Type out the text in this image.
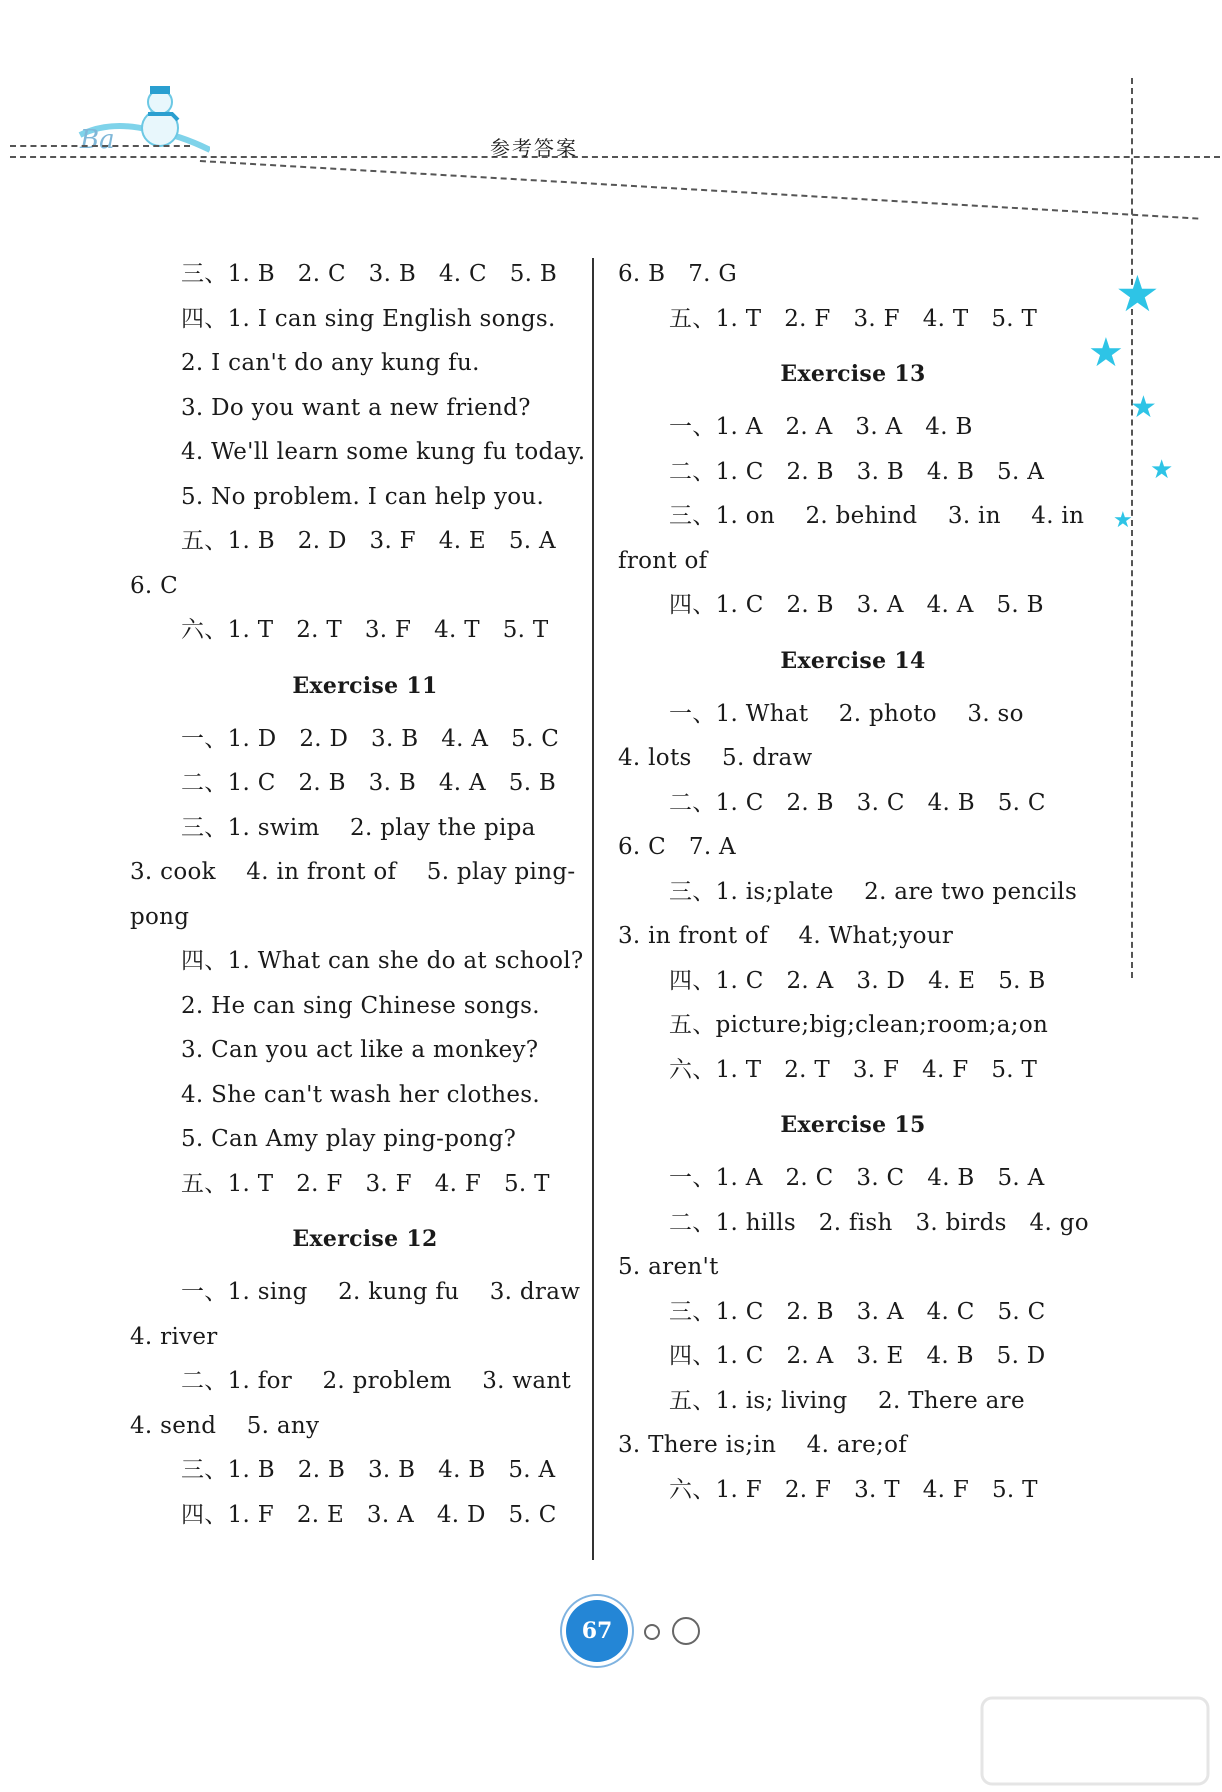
Ba	参考答案
★
★
★
★
★
三、1. B   2. C   3. B   4. C   5. B
四、1. I can sing English songs.
2. I can't do any kung fu.
3. Do you want a new friend?
4. We'll learn some kung fu today.
5. No problem. I can help you.
五、1. B   2. D   3. F   4. E   5. A
6. C
六、1. T   2. T   3. F   4. T   5. T
Exercise 11
一、1. D   2. D   3. B   4. A   5. C
二、1. C   2. B   3. B   4. A   5. B
三、1. swim    2. play the pipa
3. cook    4. in front of    5. play ping-
pong
四、1. What can she do at school?
2. He can sing Chinese songs.
3. Can you act like a monkey?
4. She can't wash her clothes.
5. Can Amy play ping-pong?
五、1. T   2. F   3. F   4. F   5. T
Exercise 12
一、1. sing    2. kung fu    3. draw
4. river
二、1. for    2. problem    3. want
4. send    5. any
三、1. B   2. B   3. B   4. B   5. A
四、1. F   2. E   3. A   4. D   5. C
6. B   7. G
五、1. T   2. F   3. F   4. T   5. T
Exercise 13
一、1. A   2. A   3. A   4. B
二、1. C   2. B   3. B   4. B   5. A
三、1. on    2. behind    3. in    4. in
front of
四、1. C   2. B   3. A   4. A   5. B
Exercise 14
一、1. What    2. photo    3. so
4. lots    5. draw
二、1. C   2. B   3. C   4. B   5. C
6. C   7. A
三、1. is;plate    2. are two pencils
3. in front of    4. What;your
四、1. C   2. A   3. D   4. E   5. B
五、picture;big;clean;room;a;on
六、1. T   2. T   3. F   4. F   5. T
Exercise 15
一、1. A   2. C   3. C   4. B   5. A
二、1. hills   2. fish   3. birds   4. go
5. aren't
三、1. C   2. B   3. A   4. C   5. C
四、1. C   2. A   3. E   4. B   5. D
五、1. is; living    2. There are
3. There is;in    4. are;of
六、1. F   2. F   3. T   4. F   5. T
67
